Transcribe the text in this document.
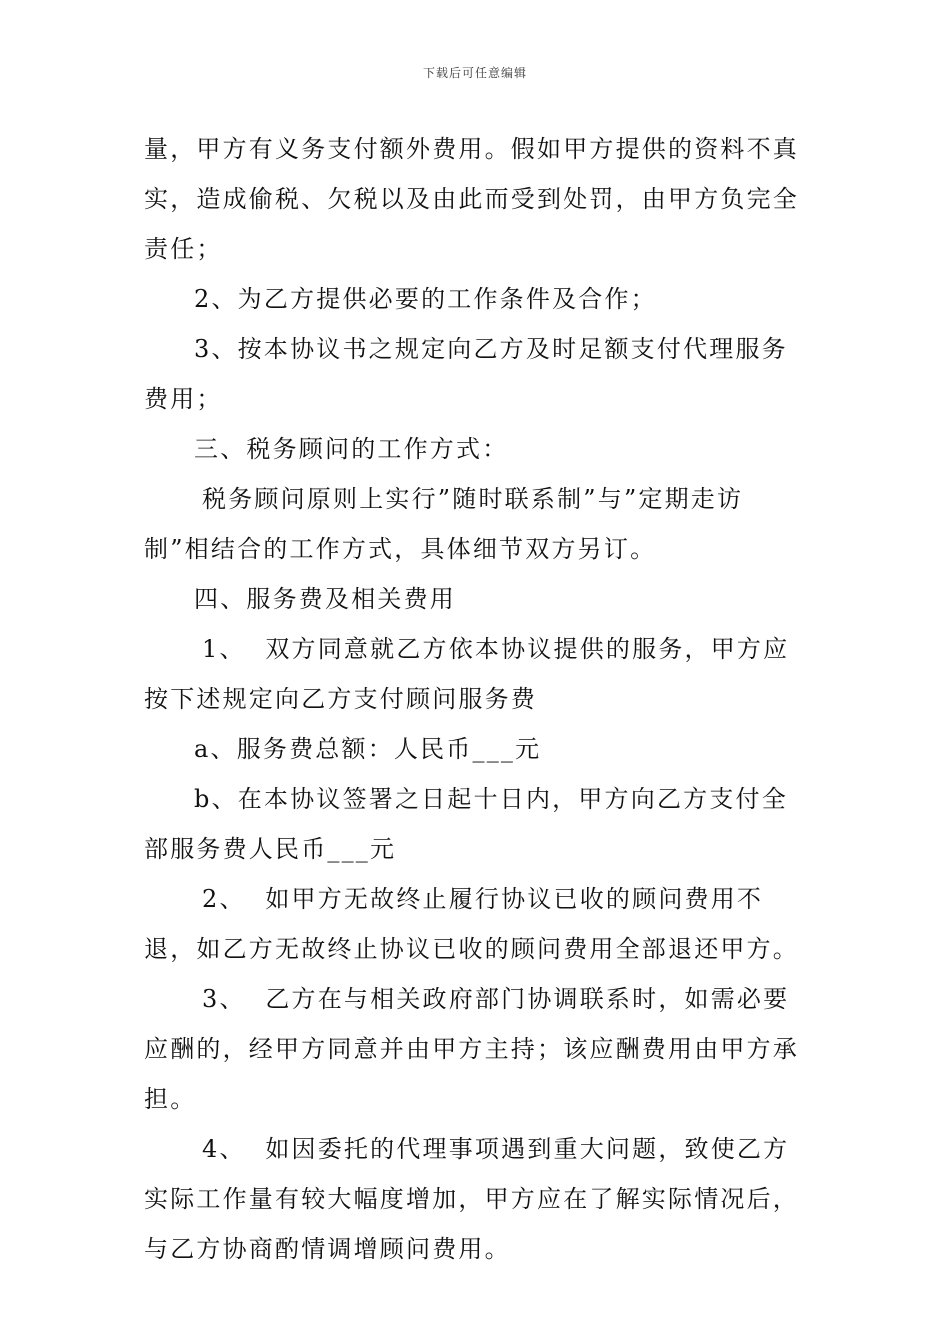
下载后可任意编辑

量，甲方有义务支付额外费用。假如甲方提供的资料不真实，造成偷税、欠税以及由此而受到处罚，由甲方负完全责任；

2、为乙方提供必要的工作条件及合作；

3、按本协议书之规定向乙方及时足额支付代理服务费用；

三、税务顾问的工作方式：

税务顾问原则上实行”随时联系制”与”定期走访制”相结合的工作方式，具体细节双方另订。

四、服务费及相关费用

1、  双方同意就乙方依本协议提供的服务，甲方应按下述规定向乙方支付顾问服务费

a、服务费总额：人民币___元

b、在本协议签署之日起十日内，甲方向乙方支付全部服务费人民币___元

2、  如甲方无故终止履行协议已收的顾问费用不退，如乙方无故终止协议已收的顾问费用全部退还甲方。

3、  乙方在与相关政府部门协调联系时，如需必要应酬的，经甲方同意并由甲方主持；该应酬费用由甲方承担。

4、  如因委托的代理事项遇到重大问题，致使乙方实际工作量有较大幅度增加，甲方应在了解实际情况后，与乙方协商酌情调增顾问费用。
